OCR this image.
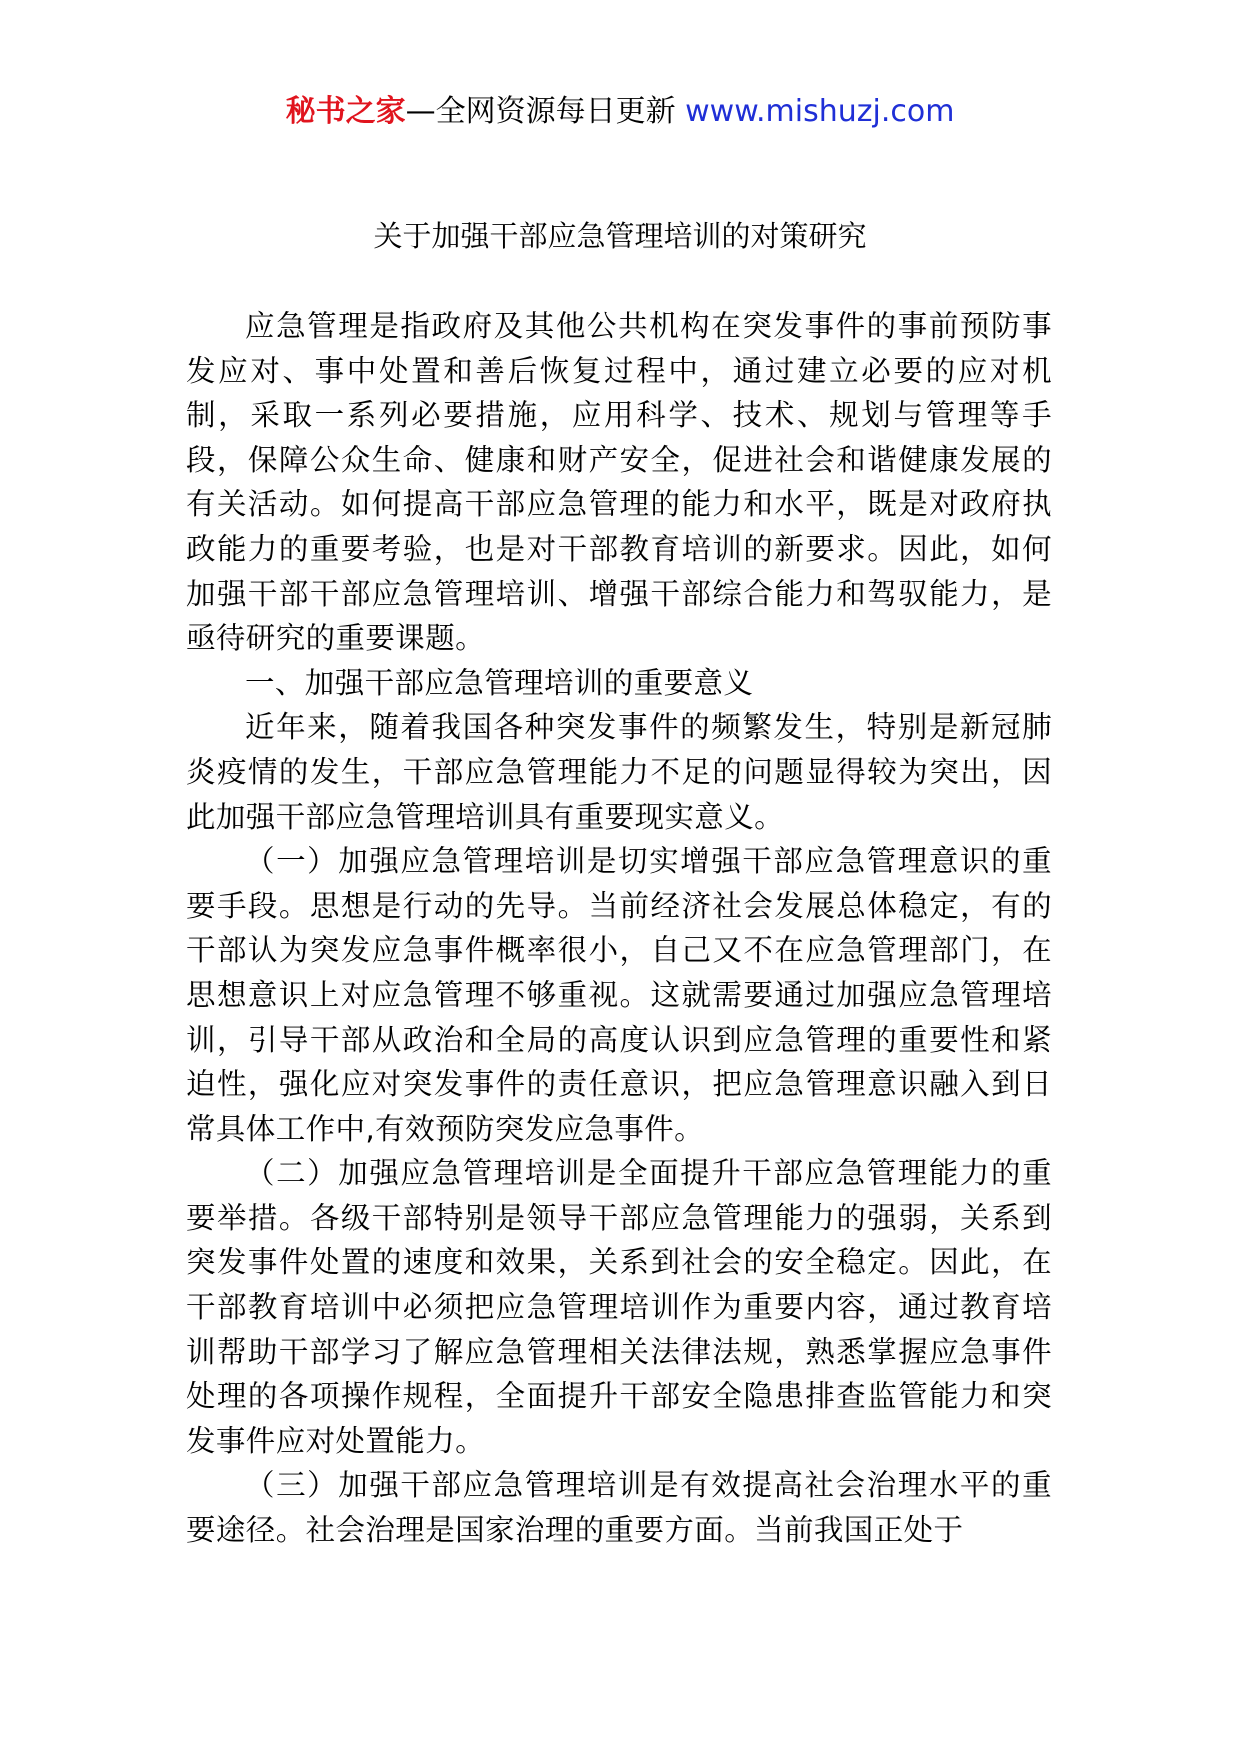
秘书之家—全网资源每日更新 www.mishuzj.com
关于加强干部应急管理培训的对策研究

应急管理是指政府及其他公共机构在突发事件的事前预防事发应对、事中处置和善后恢复过程中，通过建立必要的应对机制，采取一系列必要措施，应用科学、技术、规划与管理等手段，保障公众生命、健康和财产安全，促进社会和谐健康发展的有关活动。如何提高干部应急管理的能力和水平，既是对政府执政能力的重要考验，也是对干部教育培训的新要求。因此，如何加强干部干部应急管理培训、增强干部综合能力和驾驭能力，是亟待研究的重要课题。

一、加强干部应急管理培训的重要意义

近年来，随着我国各种突发事件的频繁发生，特别是新冠肺炎疫情的发生，干部应急管理能力不足的问题显得较为突出，因此加强干部应急管理培训具有重要现实意义。

（一）加强应急管理培训是切实增强干部应急管理意识的重要手段。思想是行动的先导。当前经济社会发展总体稳定，有的干部认为突发应急事件概率很小，自己又不在应急管理部门，在思想意识上对应急管理不够重视。这就需要通过加强应急管理培训，引导干部从政治和全局的高度认识到应急管理的重要性和紧迫性，强化应对突发事件的责任意识，把应急管理意识融入到日常具体工作中,有效预防突发应急事件。

（二）加强应急管理培训是全面提升干部应急管理能力的重要举措。各级干部特别是领导干部应急管理能力的强弱，关系到突发事件处置的速度和效果，关系到社会的安全稳定。因此，在干部教育培训中必须把应急管理培训作为重要内容，通过教育培训帮助干部学习了解应急管理相关法律法规，熟悉掌握应急事件处理的各项操作规程，全面提升干部安全隐患排查监管能力和突发事件应对处置能力。

（三）加强干部应急管理培训是有效提高社会治理水平的重要途径。社会治理是国家治理的重要方面。当前我国正处于
